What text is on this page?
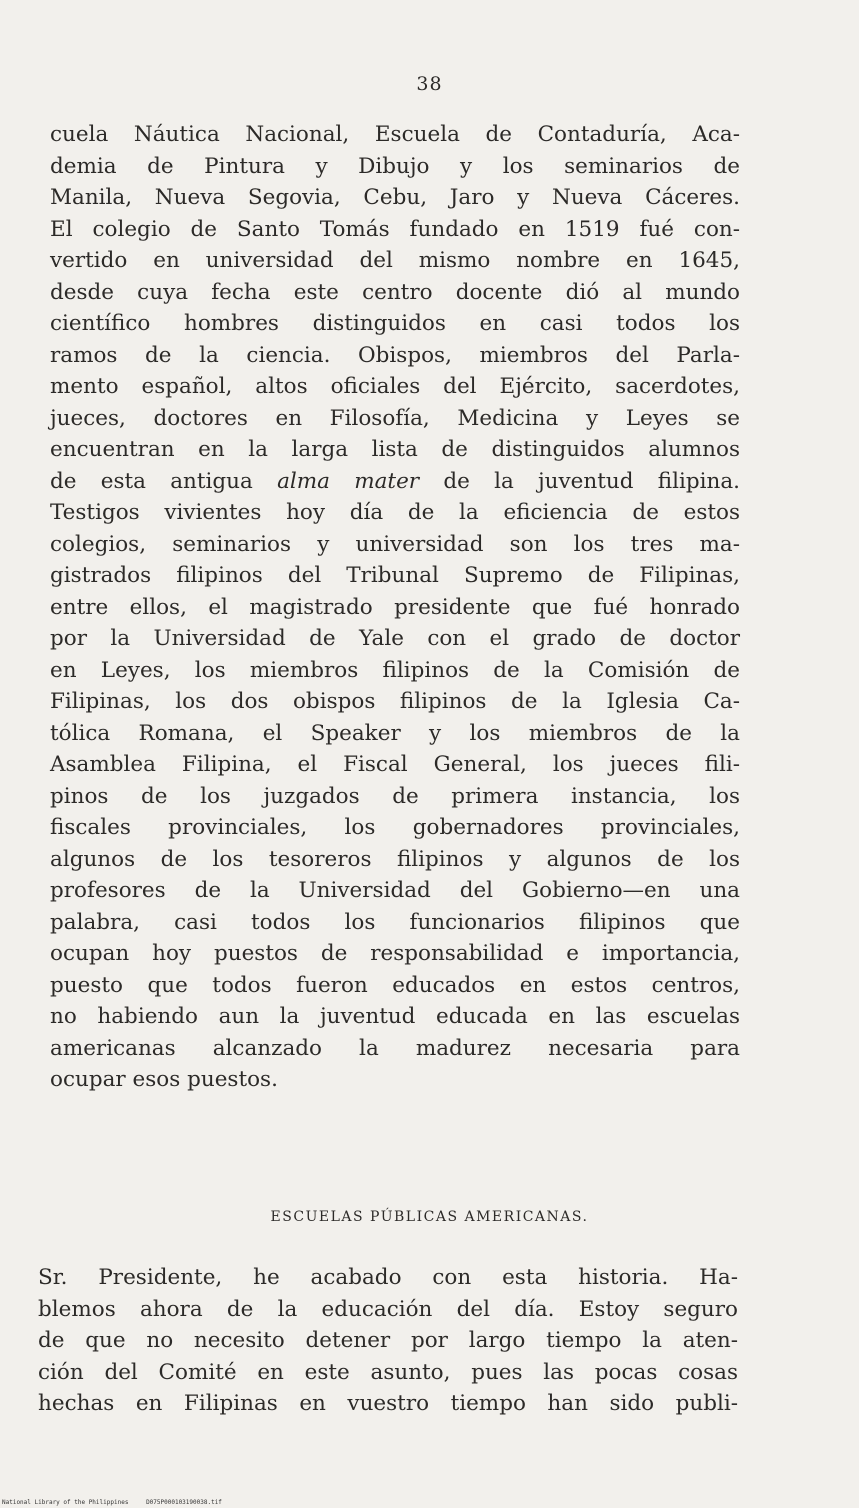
38
cuela Náutica Nacional, Escuela de Contaduría, Aca-
demia de Pintura y Dibujo y los seminarios de
Manila, Nueva Segovia, Cebu, Jaro y Nueva Cáceres.
El colegio de Santo Tomás fundado en 1519 fué con-
vertido en universidad del mismo nombre en 1645,
desde cuya fecha este centro docente dió al mundo
científico hombres distinguidos en casi todos los
ramos de la ciencia. Obispos, miembros del Parla-
mento español, altos oficiales del Ejército, sacerdotes,
jueces, doctores en Filosofía, Medicina y Leyes se
encuentran en la larga lista de distinguidos alumnos
de esta antigua alma mater de la juventud filipina.
Testigos vivientes hoy día de la eficiencia de estos
colegios, seminarios y universidad son los tres ma-
gistrados filipinos del Tribunal Supremo de Filipinas,
entre ellos, el magistrado presidente que fué honrado
por la Universidad de Yale con el grado de doctor
en Leyes, los miembros filipinos de la Comisión de
Filipinas, los dos obispos filipinos de la Iglesia Ca-
tólica Romana, el Speaker y los miembros de la
Asamblea Filipina, el Fiscal General, los jueces fili-
pinos de los juzgados de primera instancia, los
fiscales provinciales, los gobernadores provinciales,
algunos de los tesoreros filipinos y algunos de los
profesores de la Universidad del Gobierno—en una
palabra, casi todos los funcionarios filipinos que
ocupan hoy puestos de responsabilidad e importancia,
puesto que todos fueron educados en estos centros,
no habiendo aun la juventud educada en las escuelas
americanas alcanzado la madurez necesaria para
ocupar esos puestos.
ESCUELAS PÚBLICAS AMERICANAS.
Sr. Presidente, he acabado con esta historia. Ha-
blemos ahora de la educación del día. Estoy seguro
de que no necesito detener por largo tiempo la aten-
ción del Comité en este asunto, pues las pocas cosas
hechas en Filipinas en vuestro tiempo han sido publi-
National Library of the Philippines	D075P000103190038.tif
